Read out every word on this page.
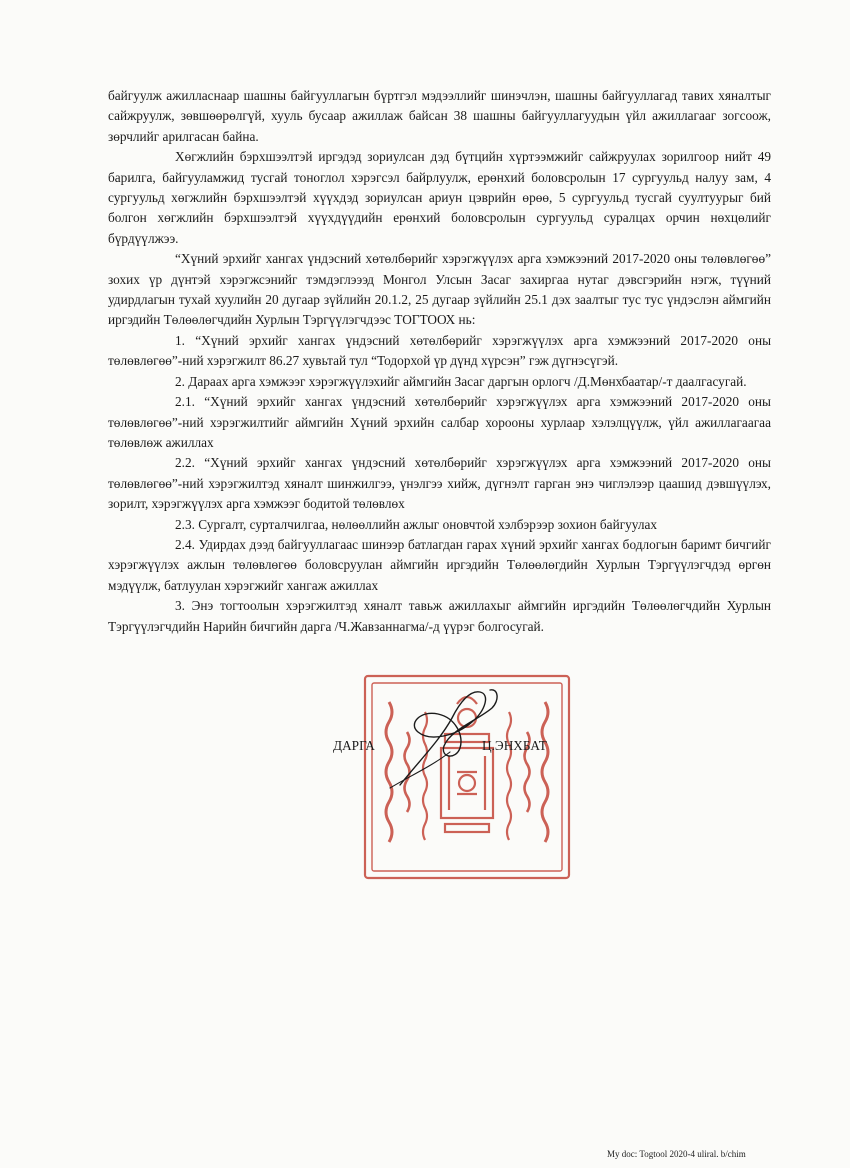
байгуулж ажилласнаар шашны байгууллагын бүртгэл мэдээллийг шинэчлэн, шашны байгууллагад тавих хяналтыг сайжруулж, зөвшөөрөлгүй, хууль бусаар ажиллаж байсан 38 шашны байгууллагуудын үйл ажиллагааг зогсоож, зөрчлийг арилгасан байна.

Хөгжлийн бэрхшээлтэй иргэдэд зориулсан дэд бүтцийн хүртээмжийг сайжруулах зорилгоор нийт 49 барилга, байгууламжид тусгай тоноглол хэрэгсэл байрлуулж, ерөнхий боловсролын 17 сургуульд налуу зам, 4 сургуульд хөгжлийн бэрхшээлтэй хүүхдэд зориулсан ариун цэврийн өрөө, 5 сургуульд тусгай суултуурыг бий болгон хөгжлийн бэрхшээлтэй хүүхдүүдийн ерөнхий боловсролын сургуульд суралцах орчин нөхцөлийг бүрдүүлжээ.

“Хүний эрхийг хангах үндэсний хөтөлбөрийг хэрэгжүүлэх арга хэмжээний 2017-2020 оны төлөвлөгөө” зохих үр дүнтэй хэрэгжсэнийг тэмдэглэээд Монгол Улсын Засаг захиргаа нутаг дэвсгэрийн нэгж, түүний удирдлагын тухай хуулийн 20 дугаар зүйлийн 20.1.2, 25 дугаар зүйлийн 25.1 дэх заалтыг тус тус үндэслэн аймгийн иргэдийн Төлөөлөгчдийн Хурлын Тэргүүлэгчдээс ТОГТООХ нь:

1. “Хүний эрхийг хангах үндэсний хөтөлбөрийг хэрэгжүүлэх арга хэмжээний 2017-2020 оны төлөвлөгөө”-ний хэрэгжилт 86.27 хувьтай тул “Тодорхой үр дүнд хүрсэн” гэж дүгнэсүгэй.

2. Дараах арга хэмжээг хэрэгжүүлэхийг аймгийн Засаг даргын орлогч /Д.Мөнхбаатар/-т даалгасугай.

2.1. “Хүний эрхийг хангах үндэсний хөтөлбөрийг хэрэгжүүлэх арга хэмжээний 2017-2020 оны төлөвлөгөө”-ний хэрэгжилтийг аймгийн Хүний эрхийн салбар хорооны хурлаар хэлэлцүүлж, үйл ажиллагаагаа төлөвлөж ажиллах

2.2. “Хүний эрхийг хангах үндэсний хөтөлбөрийг хэрэгжүүлэх арга хэмжээний 2017-2020 оны төлөвлөгөө”-ний хэрэгжилтэд хяналт шинжилгээ, үнэлгээ хийж, дүгнэлт гарган энэ чиглэлээр цаашид дэвшүүлэх, зорилт, хэрэгжүүлэх арга хэмжээг бодитой төлөвлөх

2.3. Сургалт, сурталчилгаа, нөлөөллийн ажлыг оновчтой хэлбэрээр зохион байгуулах

2.4. Удирдах дээд байгууллагаас шинээр батлагдан гарах хүний эрхийг хангах бодлогын баримт бичгийг хэрэгжүүлэх ажлын төлөвлөгөө боловсруулан аймгийн иргэдийн Төлөөлөгдийн Хурлын Тэргүүлэгчдэд өргөн мэдүүлж, батлуулан хэрэгжийг хангаж ажиллах

3. Энэ тогтоолын хэрэгжилтэд хяналт тавьж ажиллахыг аймгийн иргэдийн Төлөөлөгчдийн Хурлын Тэргүүлэгчдийн Нарийн бичгийн дарга /Ч.Жавзаннагма/-д үүрэг болгосугай.

ДАРГА	Ц.ЭНХБАТ
My doc: Togtool 2020-4 uliral. b/chim
